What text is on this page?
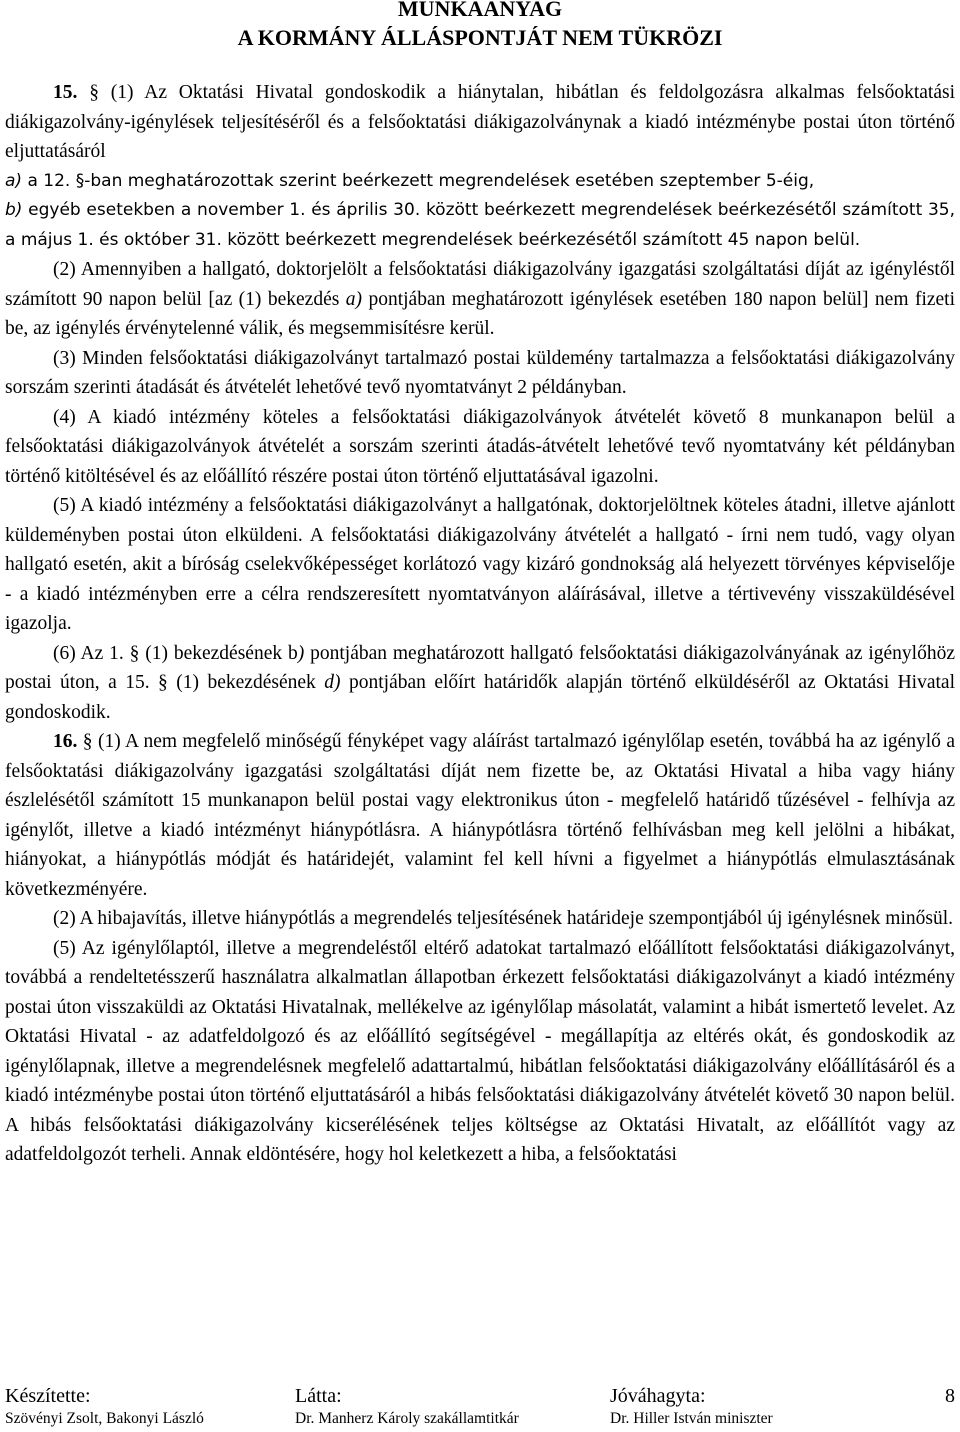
MUNKAANYAG
A KORMÁNY ÁLLÁSPONTJÁT NEM TÜKRÖZI

15. § (1) Az Oktatási Hivatal gondoskodik a hiánytalan, hibátlan és feldolgozásra alkalmas felsőoktatási diákigazolvány-igénylések teljesítéséről és a felsőoktatási diákigazolványnak a kiadó intézménybe postai úton történő eljuttatásáról

a) a 12. §-ban meghatározottak szerint beérkezett megrendelések esetében szeptember 5-éig,

b) egyéb esetekben a november 1. és április 30. között beérkezett megrendelések beérkezésétől számított 35, a május 1. és október 31. között beérkezett megrendelések beérkezésétől számított 45 napon belül.

(2) Amennyiben a hallgató, doktorjelölt a felsőoktatási diákigazolvány igazgatási szolgáltatási díját az igényléstől számított 90 napon belül [az (1) bekezdés a) pontjában meghatározott igénylések esetében 180 napon belül] nem fizeti be, az igénylés érvénytelenné válik, és megsemmisítésre kerül.

(3) Minden felsőoktatási diákigazolványt tartalmazó postai küldemény tartalmazza a felsőoktatási diákigazolvány sorszám szerinti átadását és átvételét lehetővé tevő nyomtatványt 2 példányban.

(4) A kiadó intézmény köteles a felsőoktatási diákigazolványok átvételét követő 8 munkanapon belül a felsőoktatási diákigazolványok átvételét a sorszám szerinti átadás-átvételt lehetővé tevő nyomtatvány két példányban történő kitöltésével és az előállító részére postai úton történő eljuttatásával igazolni.

(5) A kiadó intézmény a felsőoktatási diákigazolványt a hallgatónak, doktorjelöltnek köteles átadni, illetve ajánlott küldeményben postai úton elküldeni. A felsőoktatási diákigazolvány átvételét a hallgató - írni nem tudó, vagy olyan hallgató esetén, akit a bíróság cselekvőképességet korlátozó vagy kizáró gondnokság alá helyezett törvényes képviselője - a kiadó intézményben erre a célra rendszeresített nyomtatványon aláírásával, illetve a tértivevény visszaküldésével igazolja.

(6) Az 1. § (1) bekezdésének b) pontjában meghatározott hallgató felsőoktatási diákigazolványának az igénylőhöz postai úton, a 15. § (1) bekezdésének d) pontjában előírt határidők alapján történő elküldéséről az Oktatási Hivatal gondoskodik.

16. § (1) A nem megfelelő minőségű fényképet vagy aláírást tartalmazó igénylőlap esetén, továbbá ha az igénylő a felsőoktatási diákigazolvány igazgatási szolgáltatási díját nem fizette be, az Oktatási Hivatal a hiba vagy hiány észlelésétől számított 15 munkanapon belül postai vagy elektronikus úton - megfelelő határidő tűzésével - felhívja az igénylőt, illetve a kiadó intézményt hiánypótlásra. A hiánypótlásra történő felhívásban meg kell jelölni a hibákat, hiányokat, a hiánypótlás módját és határidejét, valamint fel kell hívni a figyelmet a hiánypótlás elmulasztásának következményére.

(2) A hibajavítás, illetve hiánypótlás a megrendelés teljesítésének határideje szempontjából új igénylésnek minősül.

(5) Az igénylőlaptól, illetve a megrendeléstől eltérő adatokat tartalmazó előállított felsőoktatási diákigazolványt, továbbá a rendeltetésszerű használatra alkalmatlan állapotban érkezett felsőoktatási diákigazolványt a kiadó intézmény postai úton visszaküldi az Oktatási Hivatalnak, mellékelve az igénylőlap másolatát, valamint a hibát ismertető levelet. Az Oktatási Hivatal - az adatfeldolgozó és az előállító segítségével - megállapítja az eltérés okát, és gondoskodik az igénylőlapnak, illetve a megrendelésnek megfelelő adattartalmú, hibátlan felsőoktatási diákigazolvány előállításáról és a kiadó intézménybe postai úton történő eljuttatásáról a hibás felsőoktatási diákigazolvány átvételét követő 30 napon belül. A hibás felsőoktatási diákigazolvány kicserélésének teljes költségse az Oktatási Hivatalt, az előállítót vagy az adatfeldolgozót terheli. Annak eldöntésére, hogy hol keletkezett a hiba, a felsőoktatási

Készítette:
Szövényi Zsolt, Bakonyi László
Látta:
Dr. Manherz Károly szakállamtitkár
Jóváhagyta:
Dr. Hiller István miniszter
8
